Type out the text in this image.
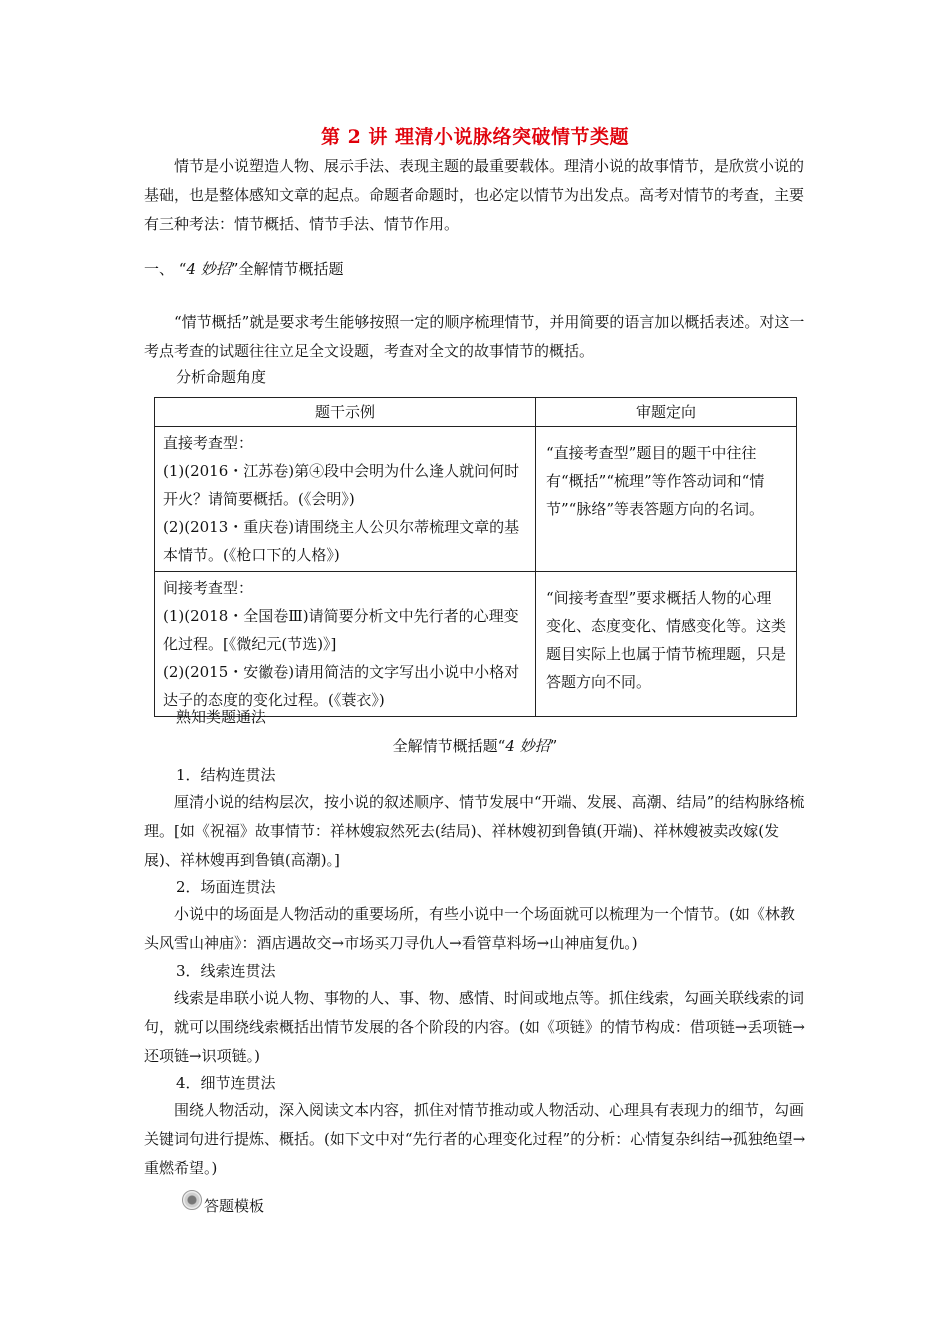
第 2 讲 理清小说脉络突破情节类题

情节是小说塑造人物、展示手法、表现主题的最重要载体。理清小说的故事情节，是欣赏小说的基础，也是整体感知文章的起点。命题者命题时，也必定以情节为出发点。高考对情节的考查，主要有三种考法：情节概括、情节手法、情节作用。

一、 “4 妙招”全解情节概括题

“情节概括”就是要求考生能够按照一定的顺序梳理情节，并用简要的语言加以概括表述。对这一考点考查的试题往往立足全文设题，考查对全文的故事情节的概括。

分析命题角度
题干示例	审题定向

直接考查型：
(1)(2016・江苏卷)第④段中会明为什么逢人就问何时开火？请简要概括。(《会明》)
(2)(2013・重庆卷)请围绕主人公贝尔蒂梳理文章的基本情节。(《枪口下的人格》)	“直接考查型”题目的题干中往往有“概括”“梳理”等作答动词和“情节”“脉络”等表答题方向的名词。

间接考查型：
(1)(2018・全国卷Ⅲ)请简要分析文中先行者的心理变化过程。[《微纪元(节选)》]
(2)(2015・安徽卷)请用简洁的文字写出小说中小格对达子的态度的变化过程。(《蓑衣》)	“间接考查型”要求概括人物的心理变化、态度变化、情感变化等。这类题目实际上也属于情节梳理题，只是答题方向不同。
熟知类题通法
全解情节概括题“4 妙招”
1．结构连贯法

厘清小说的结构层次，按小说的叙述顺序、情节发展中“开端、发展、高潮、结局”的结构脉络梳理。[如《祝福》故事情节：祥林嫂寂然死去(结局)、祥林嫂初到鲁镇(开端)、祥林嫂被卖改嫁(发展)、祥林嫂再到鲁镇(高潮)。]

2．场面连贯法

小说中的场面是人物活动的重要场所，有些小说中一个场面就可以梳理为一个情节。(如《林教头风雪山神庙》：酒店遇故交→市场买刀寻仇人→看管草料场→山神庙复仇。)

3．线索连贯法

线索是串联小说人物、事物的人、事、物、感情、时间或地点等。抓住线索，勾画关联线索的词句，就可以围绕线索概括出情节发展的各个阶段的内容。(如《项链》的情节构成：借项链→丢项链→还项链→识项链。)

4．细节连贯法

围绕人物活动，深入阅读文本内容，抓住对情节推动或人物活动、心理具有表现力的细节，勾画关键词句进行提炼、概括。(如下文中对“先行者的心理变化过程”的分析：心情复杂纠结→孤独绝望→重燃希望。)

答题模板
